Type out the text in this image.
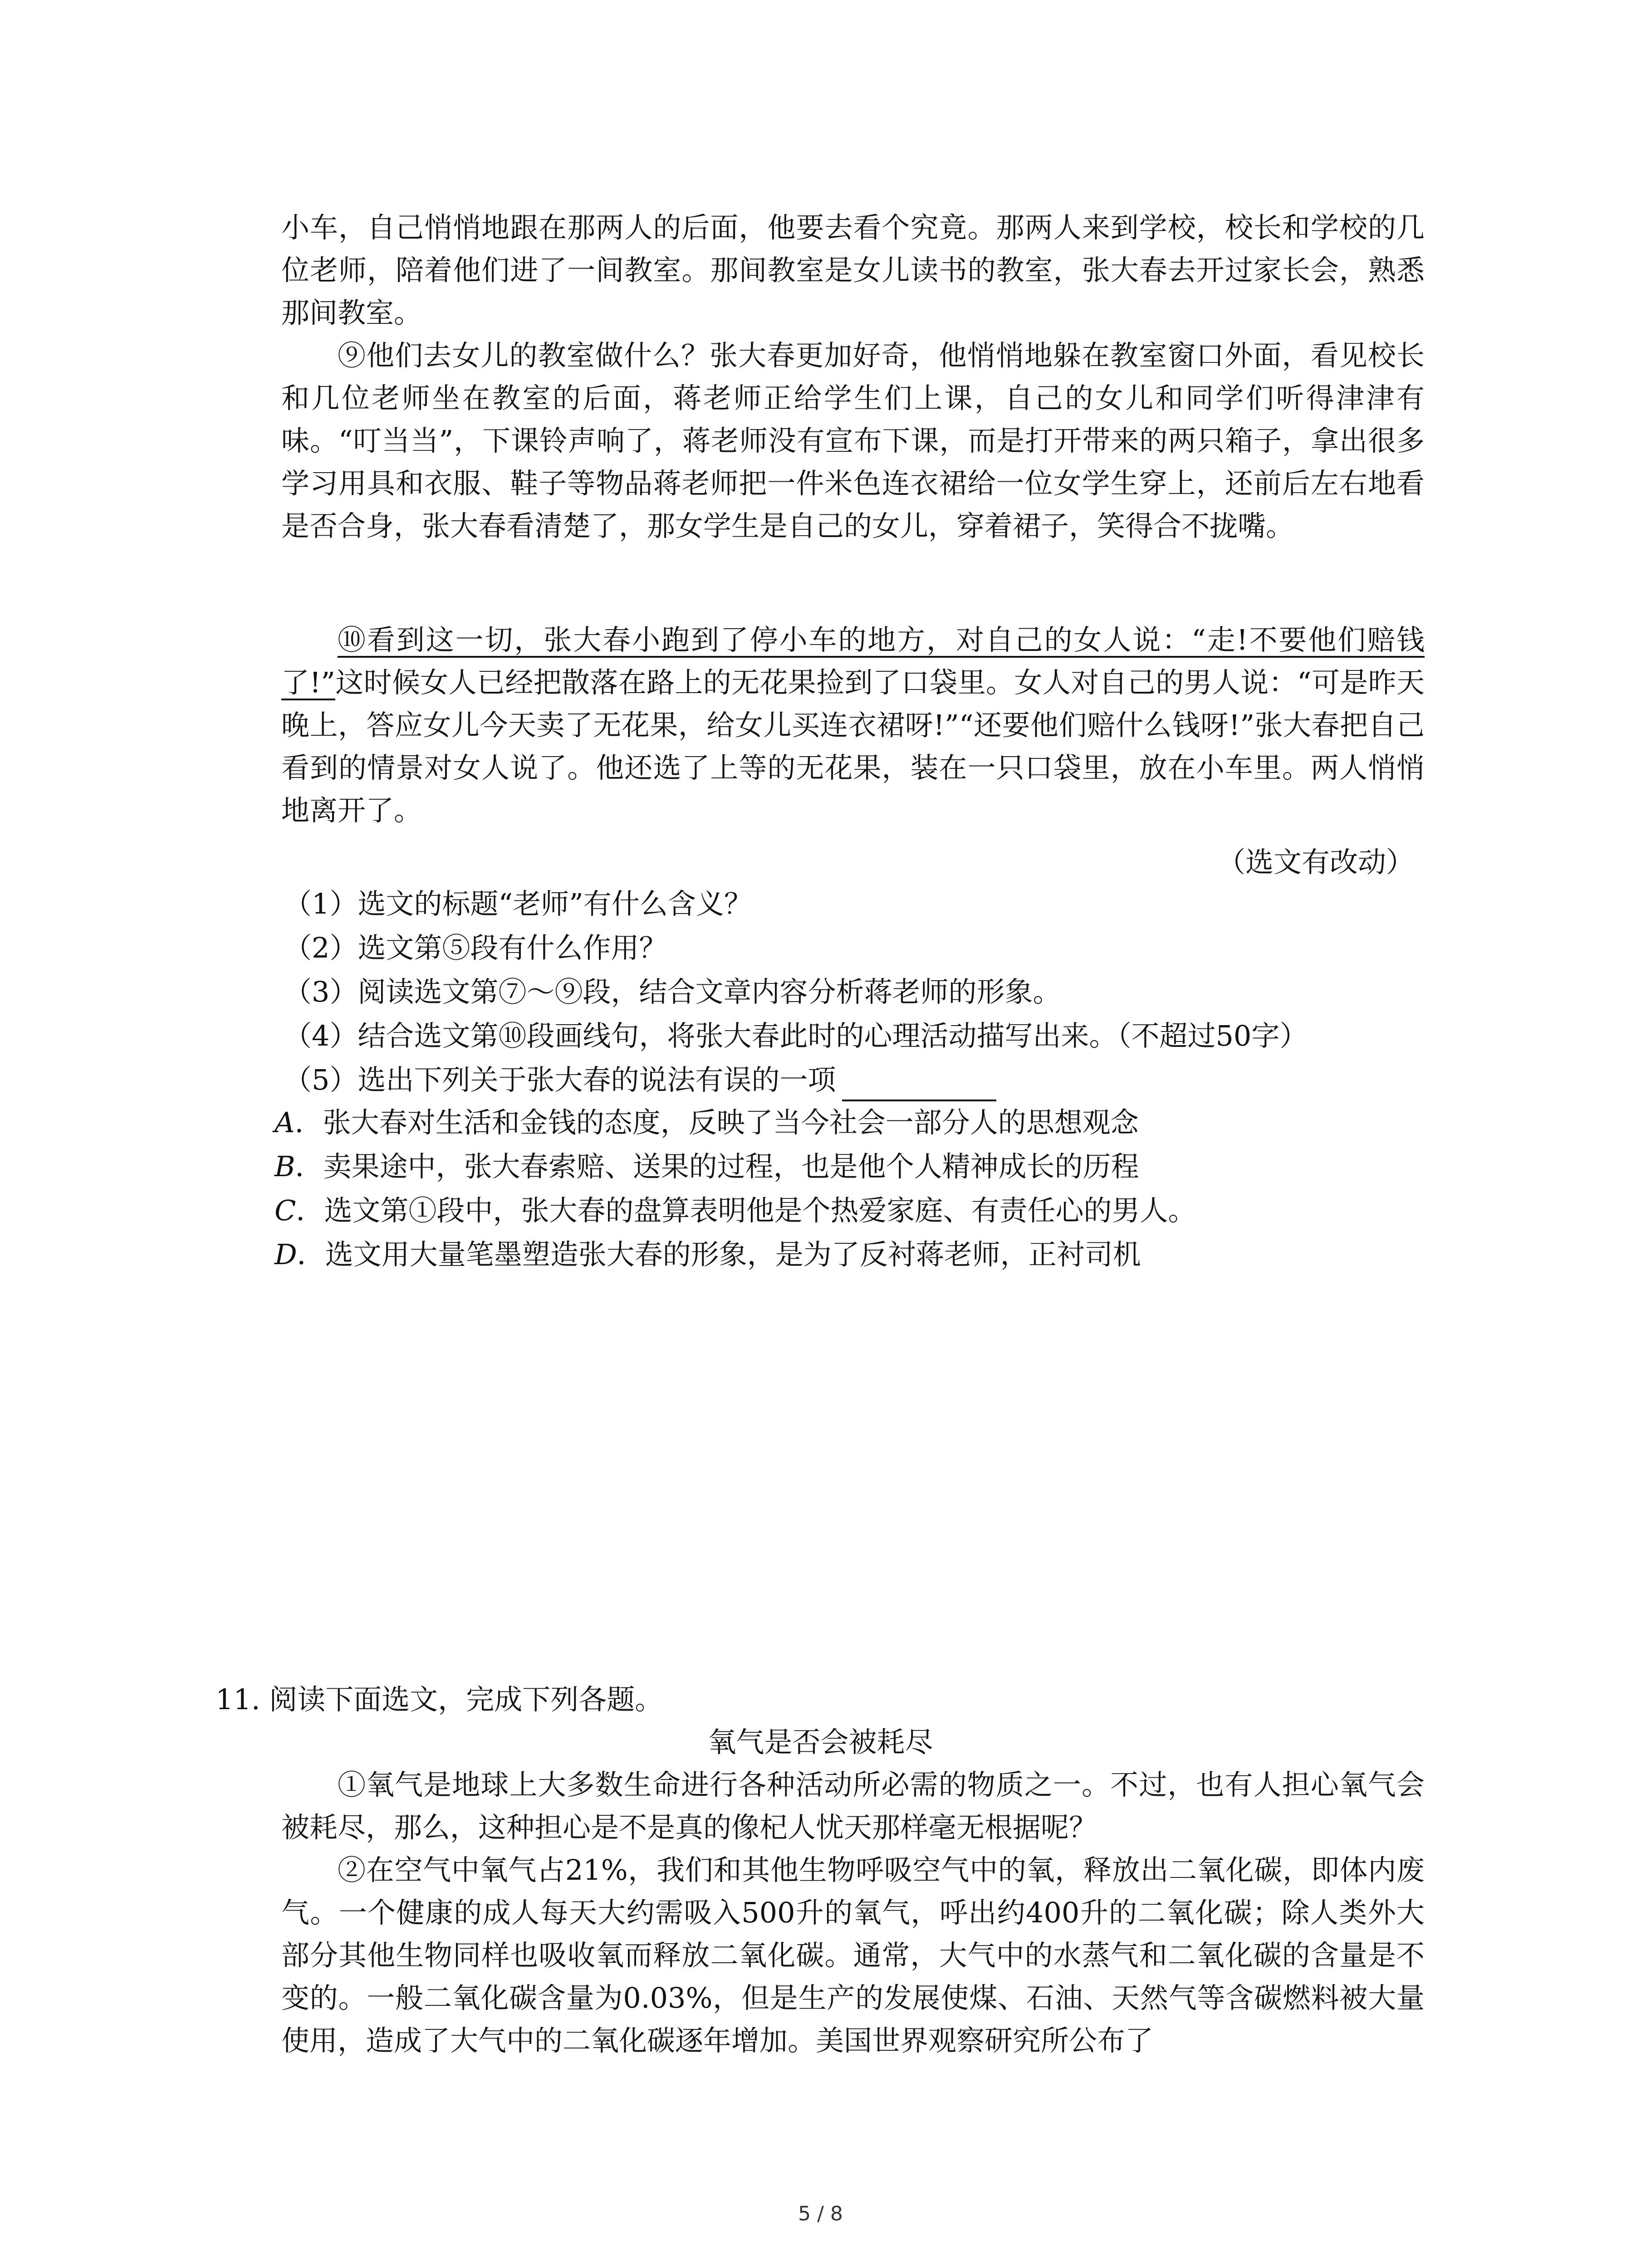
小车，自己悄悄地跟在那两人的后面，他要去看个究竟。那两人来到学校，校长和学校的几位老师，陪着他们进了一间教室。那间教室是女儿读书的教室，张大春去开过家长会，熟悉那间教室。
⑨他们去女儿的教室做什么？张大春更加好奇，他悄悄地躲在教室窗口外面，看见校长和几位老师坐在教室的后面，蒋老师正给学生们上课，自己的女儿和同学们听得津津有味。“叮当当”，下课铃声响了，蒋老师没有宣布下课，而是打开带来的两只箱子，拿出很多学习用具和衣服、鞋子等物品蒋老师把一件米色连衣裙给一位女学生穿上，还前后左右地看是否合身，张大春看清楚了，那女学生是自己的女儿，穿着裙子，笑得合不拢嘴。
⑩看到这一切，张大春小跑到了停小车的地方，对自己的女人说：“走!不要他们赔钱了!”这时候女人已经把散落在路上的无花果捡到了口袋里。女人对自己的男人说：“可是昨天晚上，答应女儿今天卖了无花果，给女儿买连衣裙呀!”“还要他们赔什么钱呀!”张大春把自己看到的情景对女人说了。他还选了上等的无花果，装在一只口袋里，放在小车里。两人悄悄地离开了。
（选文有改动）
（1）选文的标题“老师”有什么含义？
（2）选文第⑤段有什么作用？
（3）阅读选文第⑦～⑨段，结合文章内容分析蒋老师的形象。
（4）结合选文第⑩段画线句，将张大春此时的心理活动描写出来。（不超过50字）
（5）选出下列关于张大春的说法有误的一项
A．张大春对生活和金钱的态度，反映了当今社会一部分人的思想观念
B．卖果途中，张大春索赔、送果的过程，也是他个人精神成长的历程
C．选文第①段中，张大春的盘算表明他是个热爱家庭、有责任心的男人。
D．选文用大量笔墨塑造张大春的形象，是为了反衬蒋老师，正衬司机
11. 阅读下面选文，完成下列各题。
氧气是否会被耗尽
①氧气是地球上大多数生命进行各种活动所必需的物质之一。不过，也有人担心氧气会被耗尽，那么，这种担心是不是真的像杞人忧天那样毫无根据呢？
②在空气中氧气占21%，我们和其他生物呼吸空气中的氧，释放出二氧化碳，即体内废气。一个健康的成人每天大约需吸入500升的氧气，呼出约400升的二氧化碳；除人类外大部分其他生物同样也吸收氧而释放二氧化碳。通常，大气中的水蒸气和二氧化碳的含量是不变的。一般二氧化碳含量为0.03%，但是生产的发展使煤、石油、天然气等含碳燃料被大量使用，造成了大气中的二氧化碳逐年增加。美国世界观察研究所公布了
5 / 8
